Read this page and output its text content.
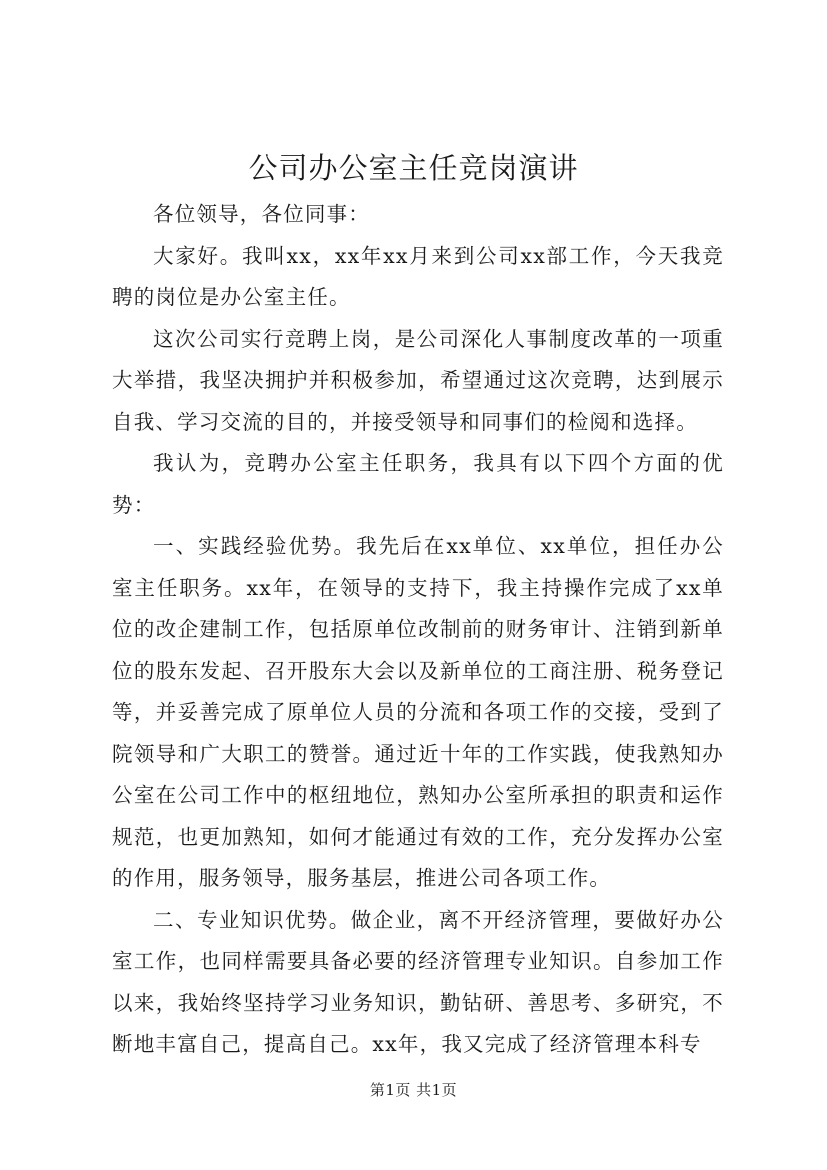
公司办公室主任竞岗演讲

各位领导，各位同事：

大家好。我叫xx，xx年xx月来到公司xx部工作，今天我竞聘的岗位是办公室主任。

这次公司实行竞聘上岗，是公司深化人事制度改革的一项重大举措，我坚决拥护并积极参加，希望通过这次竞聘，达到展示自我、学习交流的目的，并接受领导和同事们的检阅和选择。

我认为，竞聘办公室主任职务，我具有以下四个方面的优势：

一、实践经验优势。我先后在xx单位、xx单位，担任办公室主任职务。xx年，在领导的支持下，我主持操作完成了xx单位的改企建制工作，包括原单位改制前的财务审计、注销到新单位的股东发起、召开股东大会以及新单位的工商注册、税务登记等，并妥善完成了原单位人员的分流和各项工作的交接，受到了院领导和广大职工的赞誉。通过近十年的工作实践，使我熟知办公室在公司工作中的枢纽地位，熟知办公室所承担的职责和运作规范，也更加熟知，如何才能通过有效的工作，充分发挥办公室的作用，服务领导，服务基层，推进公司各项工作。

二、专业知识优势。做企业，离不开经济管理，要做好办公室工作，也同样需要具备必要的经济管理专业知识。自参加工作以来，我始终坚持学习业务知识，勤钻研、善思考、多研究，不断地丰富自己，提高自己。xx年，我又完成了经济管理本科专

第1页 共1页
